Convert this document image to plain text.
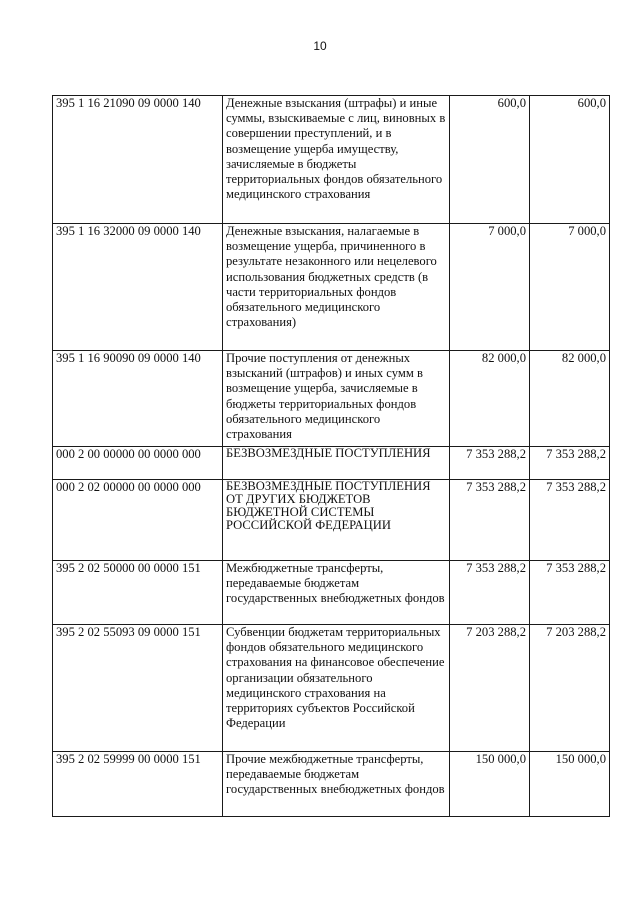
10
395 1 16 21090 09 0000 140	Денежные взыскания (штрафы) и иные суммы, взыскиваемые с лиц, виновных в совершении преступлений, и в возмещение ущерба имуществу, зачисляемые в бюджеты территориальных фондов обязательного медицинского страхования	600,0	600,0
395 1 16 32000 09 0000 140	Денежные взыскания, налагаемые в возмещение ущерба, причиненного в результате незаконного или нецелевого использования бюджетных средств (в части территориальных фондов обязательного медицинского страхования)	7 000,0	7 000,0
395 1 16 90090 09 0000 140	Прочие поступления от денежных взысканий (штрафов) и иных сумм в возмещение ущерба, зачисляемые в бюджеты территориальных фондов обязательного медицинского страхования	82 000,0	82 000,0
000 2 00 00000 00 0000 000	БЕЗВОЗМЕЗДНЫЕ ПОСТУПЛЕНИЯ	7 353 288,2	7 353 288,2
000 2 02 00000 00 0000 000	БЕЗВОЗМЕЗДНЫЕ ПОСТУПЛЕНИЯ ОТ ДРУГИХ БЮДЖЕТОВ БЮДЖЕТНОЙ СИСТЕМЫ РОССИЙСКОЙ ФЕДЕРАЦИИ	7 353 288,2	7 353 288,2
395 2 02 50000 00 0000 151	Межбюджетные трансферты, передаваемые бюджетам государственных внебюджетных фондов	7 353 288,2	7 353 288,2
395 2 02 55093 09 0000 151	Субвенции бюджетам территориальных фондов обязательного медицинского страхования на финансовое обеспечение организации обязательного медицинского страхования на территориях субъектов Российской Федерации	7 203 288,2	7 203 288,2
395 2 02 59999 00 0000 151	Прочие межбюджетные трансферты, передаваемые бюджетам государственных внебюджетных фондов	150 000,0	150 000,0
